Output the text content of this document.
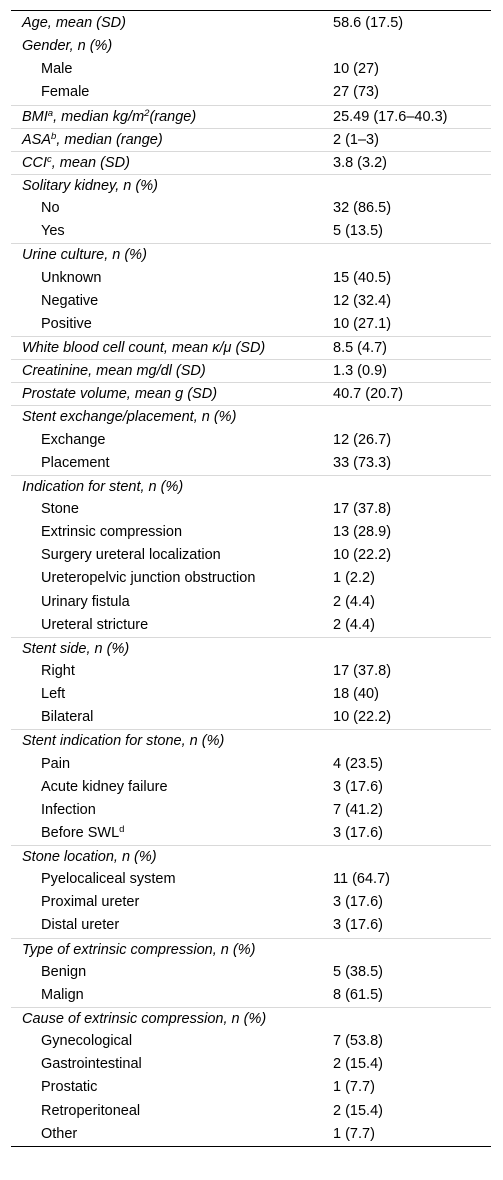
Age, mean (SD)	58.6 (17.5)
Gender, n (%)
Male	10 (27)
Female	27 (73)
BMI$^a$, median $kg/m^2(range)$	25.49 (17.6–40.3)
ASA$^b$, median (range)	2 (1–3)
CCI$^c$, mean (SD)	3.8 (3.2)
Solitary kidney, n (%)
No	32 (86.5)
Yes	5 (13.5)
Urine culture, n (%)
Unknown	15 (40.5)
Negative	12 (32.4)
Positive	10 (27.1)
White blood cell count, mean κ/μ (SD)	8.5 (4.7)
Creatinine, mean mg/dl (SD)	1.3 (0.9)
Prostate volume, mean g (SD)	40.7 (20.7)
Stent exchange/placement, n (%)
Exchange	12 (26.7)
Placement	33 (73.3)
Indication for stent, n (%)
Stone	17 (37.8)
Extrinsic compression	13 (28.9)
Surgery ureteral localization	10 (22.2)
Ureteropelvic junction obstruction	1 (2.2)
Urinary fistula	2 (4.4)
Ureteral stricture	2 (4.4)
Stent side, n (%)
Right	17 (37.8)
Left	18 (40)
Bilateral	10 (22.2)
Stent indication for stone, n (%)
Pain	4 (23.5)
Acute kidney failure	3 (17.6)
Infection	7 (41.2)
Before SWL$^d$	3 (17.6)
Stone location, n (%)
Pyelocaliceal system	11 (64.7)
Proximal ureter	3 (17.6)
Distal ureter	3 (17.6)
Type of extrinsic compression, n (%)
Benign	5 (38.5)
Malign	8 (61.5)
Cause of extrinsic compression, n (%)
Gynecological	7 (53.8)
Gastrointestinal	2 (15.4)
Prostatic	1 (7.7)
Retroperitoneal	2 (15.4)
Other	1 (7.7)
